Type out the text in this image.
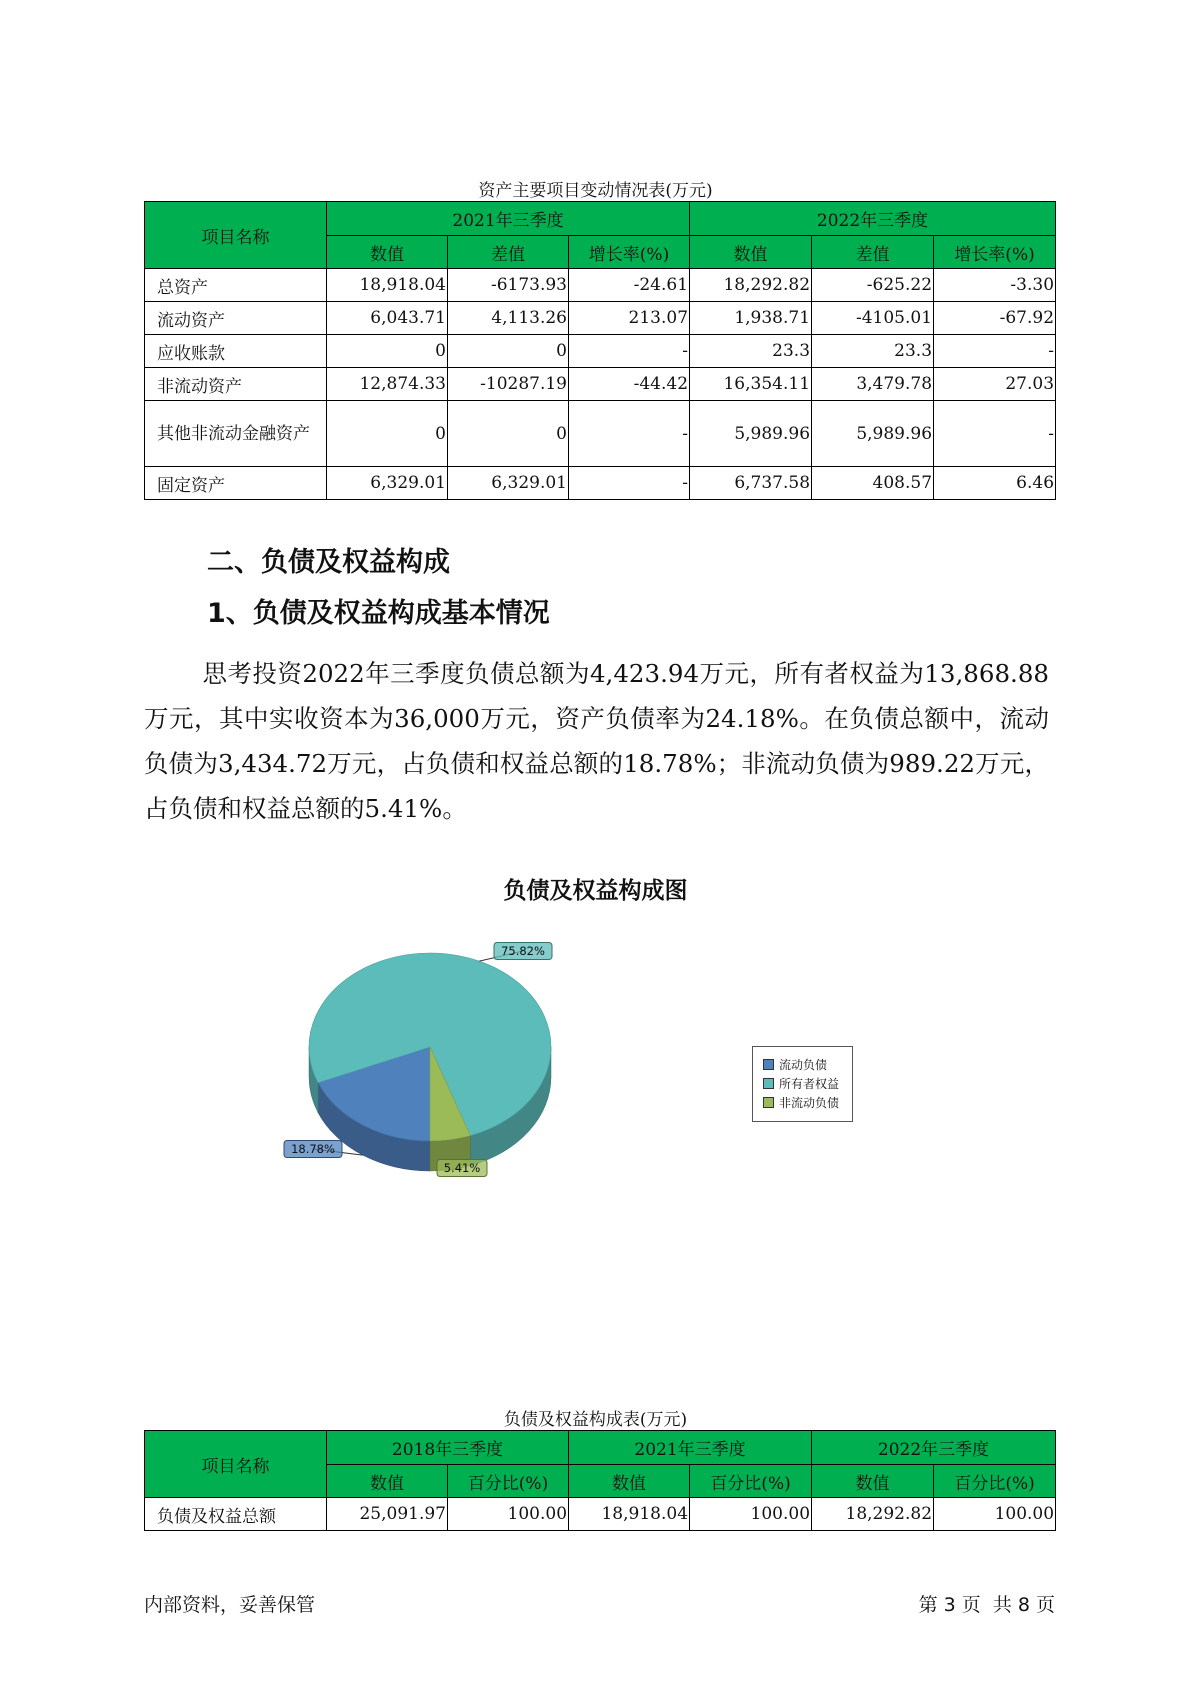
资产主要项目变动情况表(万元)
项目名称	2021年三季度			2022年三季度		
	数值	差值	增长率(%)	数值	差值	增长率(%)
总资产	18,918.04	-6173.93	-24.61	18,292.82	-625.22	-3.30
流动资产	6,043.71	4,113.26	213.07	1,938.71	-4105.01	-67.92
应收账款	0	0	-	23.3	23.3	-
非流动资产	12,874.33	-10287.19	-44.42	16,354.11	3,479.78	27.03
其他非流动金融资产	0	0	-	5,989.96	5,989.96	-
固定资产	6,329.01	6,329.01	-	6,737.58	408.57	6.46
二、负债及权益构成
1、负债及权益构成基本情况
思考投资2022年三季度负债总额为4,423.94万元，所有者权益为13,868.88万元，其中实收资本为36,000万元，资产负债率为24.18%。在负债总额中，流动负债为3,434.72万元，占负债和权益总额的18.78%；非流动负债为989.22万元，占负债和权益总额的5.41%。
负债及权益构成图
18.78%
75.82%
5.41%
流动负债
所有者权益
非流动负债
负债及权益构成表(万元)
项目名称	2018年三季度		2021年三季度		2022年三季度	
	数值	百分比(%)	数值	百分比(%)	数值	百分比(%)
负债及权益总额	25,091.97	100.00	18,918.04	100.00	18,292.82	100.00
内部资料，妥善保管	第 3 页  共 8 页
